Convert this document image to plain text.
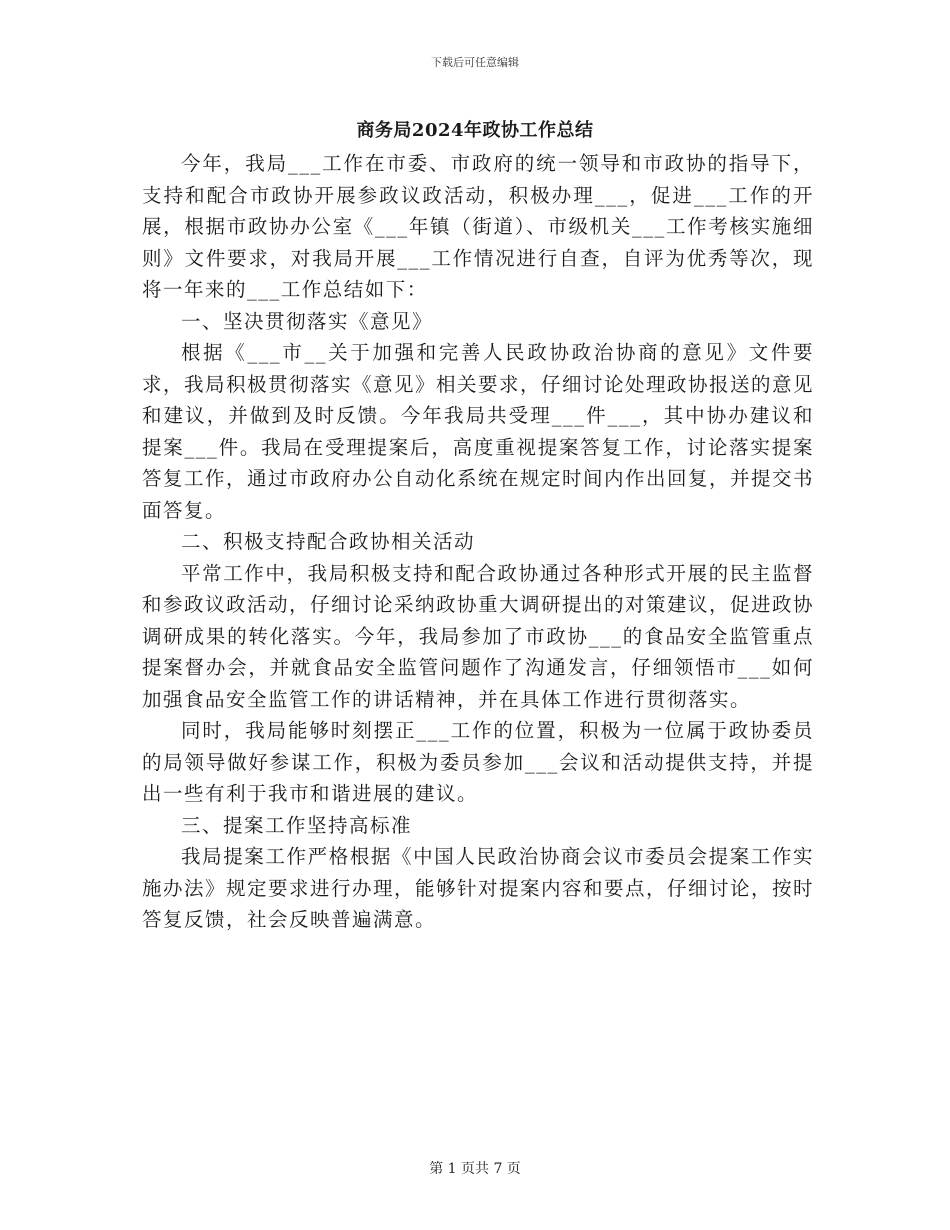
下载后可任意编辑
商务局2024年政协工作总结

今年，我局___工作在市委、市政府的统一领导和市政协的指导下，支持和配合市政协开展参政议政活动，积极办理___，促进___工作的开展，根据市政协办公室《___年镇（街道）、市级机关___工作考核实施细则》文件要求，对我局开展___工作情况进行自查，自评为优秀等次，现将一年来的___工作总结如下：

一、坚决贯彻落实《意见》

根据《___市__关于加强和完善人民政协政治协商的意见》文件要求，我局积极贯彻落实《意见》相关要求，仔细讨论处理政协报送的意见和建议，并做到及时反馈。今年我局共受理___件___，其中协办建议和提案___件。我局在受理提案后，高度重视提案答复工作，讨论落实提案答复工作，通过市政府办公自动化系统在规定时间内作出回复，并提交书面答复。

二、积极支持配合政协相关活动

平常工作中，我局积极支持和配合政协通过各种形式开展的民主监督和参政议政活动，仔细讨论采纳政协重大调研提出的对策建议，促进政协调研成果的转化落实。今年，我局参加了市政协___的食品安全监管重点提案督办会，并就食品安全监管问题作了沟通发言，仔细领悟市___如何加强食品安全监管工作的讲话精神，并在具体工作进行贯彻落实。

同时，我局能够时刻摆正___工作的位置，积极为一位属于政协委员的局领导做好参谋工作，积极为委员参加___会议和活动提供支持，并提出一些有利于我市和谐进展的建议。

三、提案工作坚持高标准

我局提案工作严格根据《中国人民政治协商会议市委员会提案工作实施办法》规定要求进行办理，能够针对提案内容和要点，仔细讨论，按时答复反馈，社会反映普遍满意。

第 1 页共 7 页
